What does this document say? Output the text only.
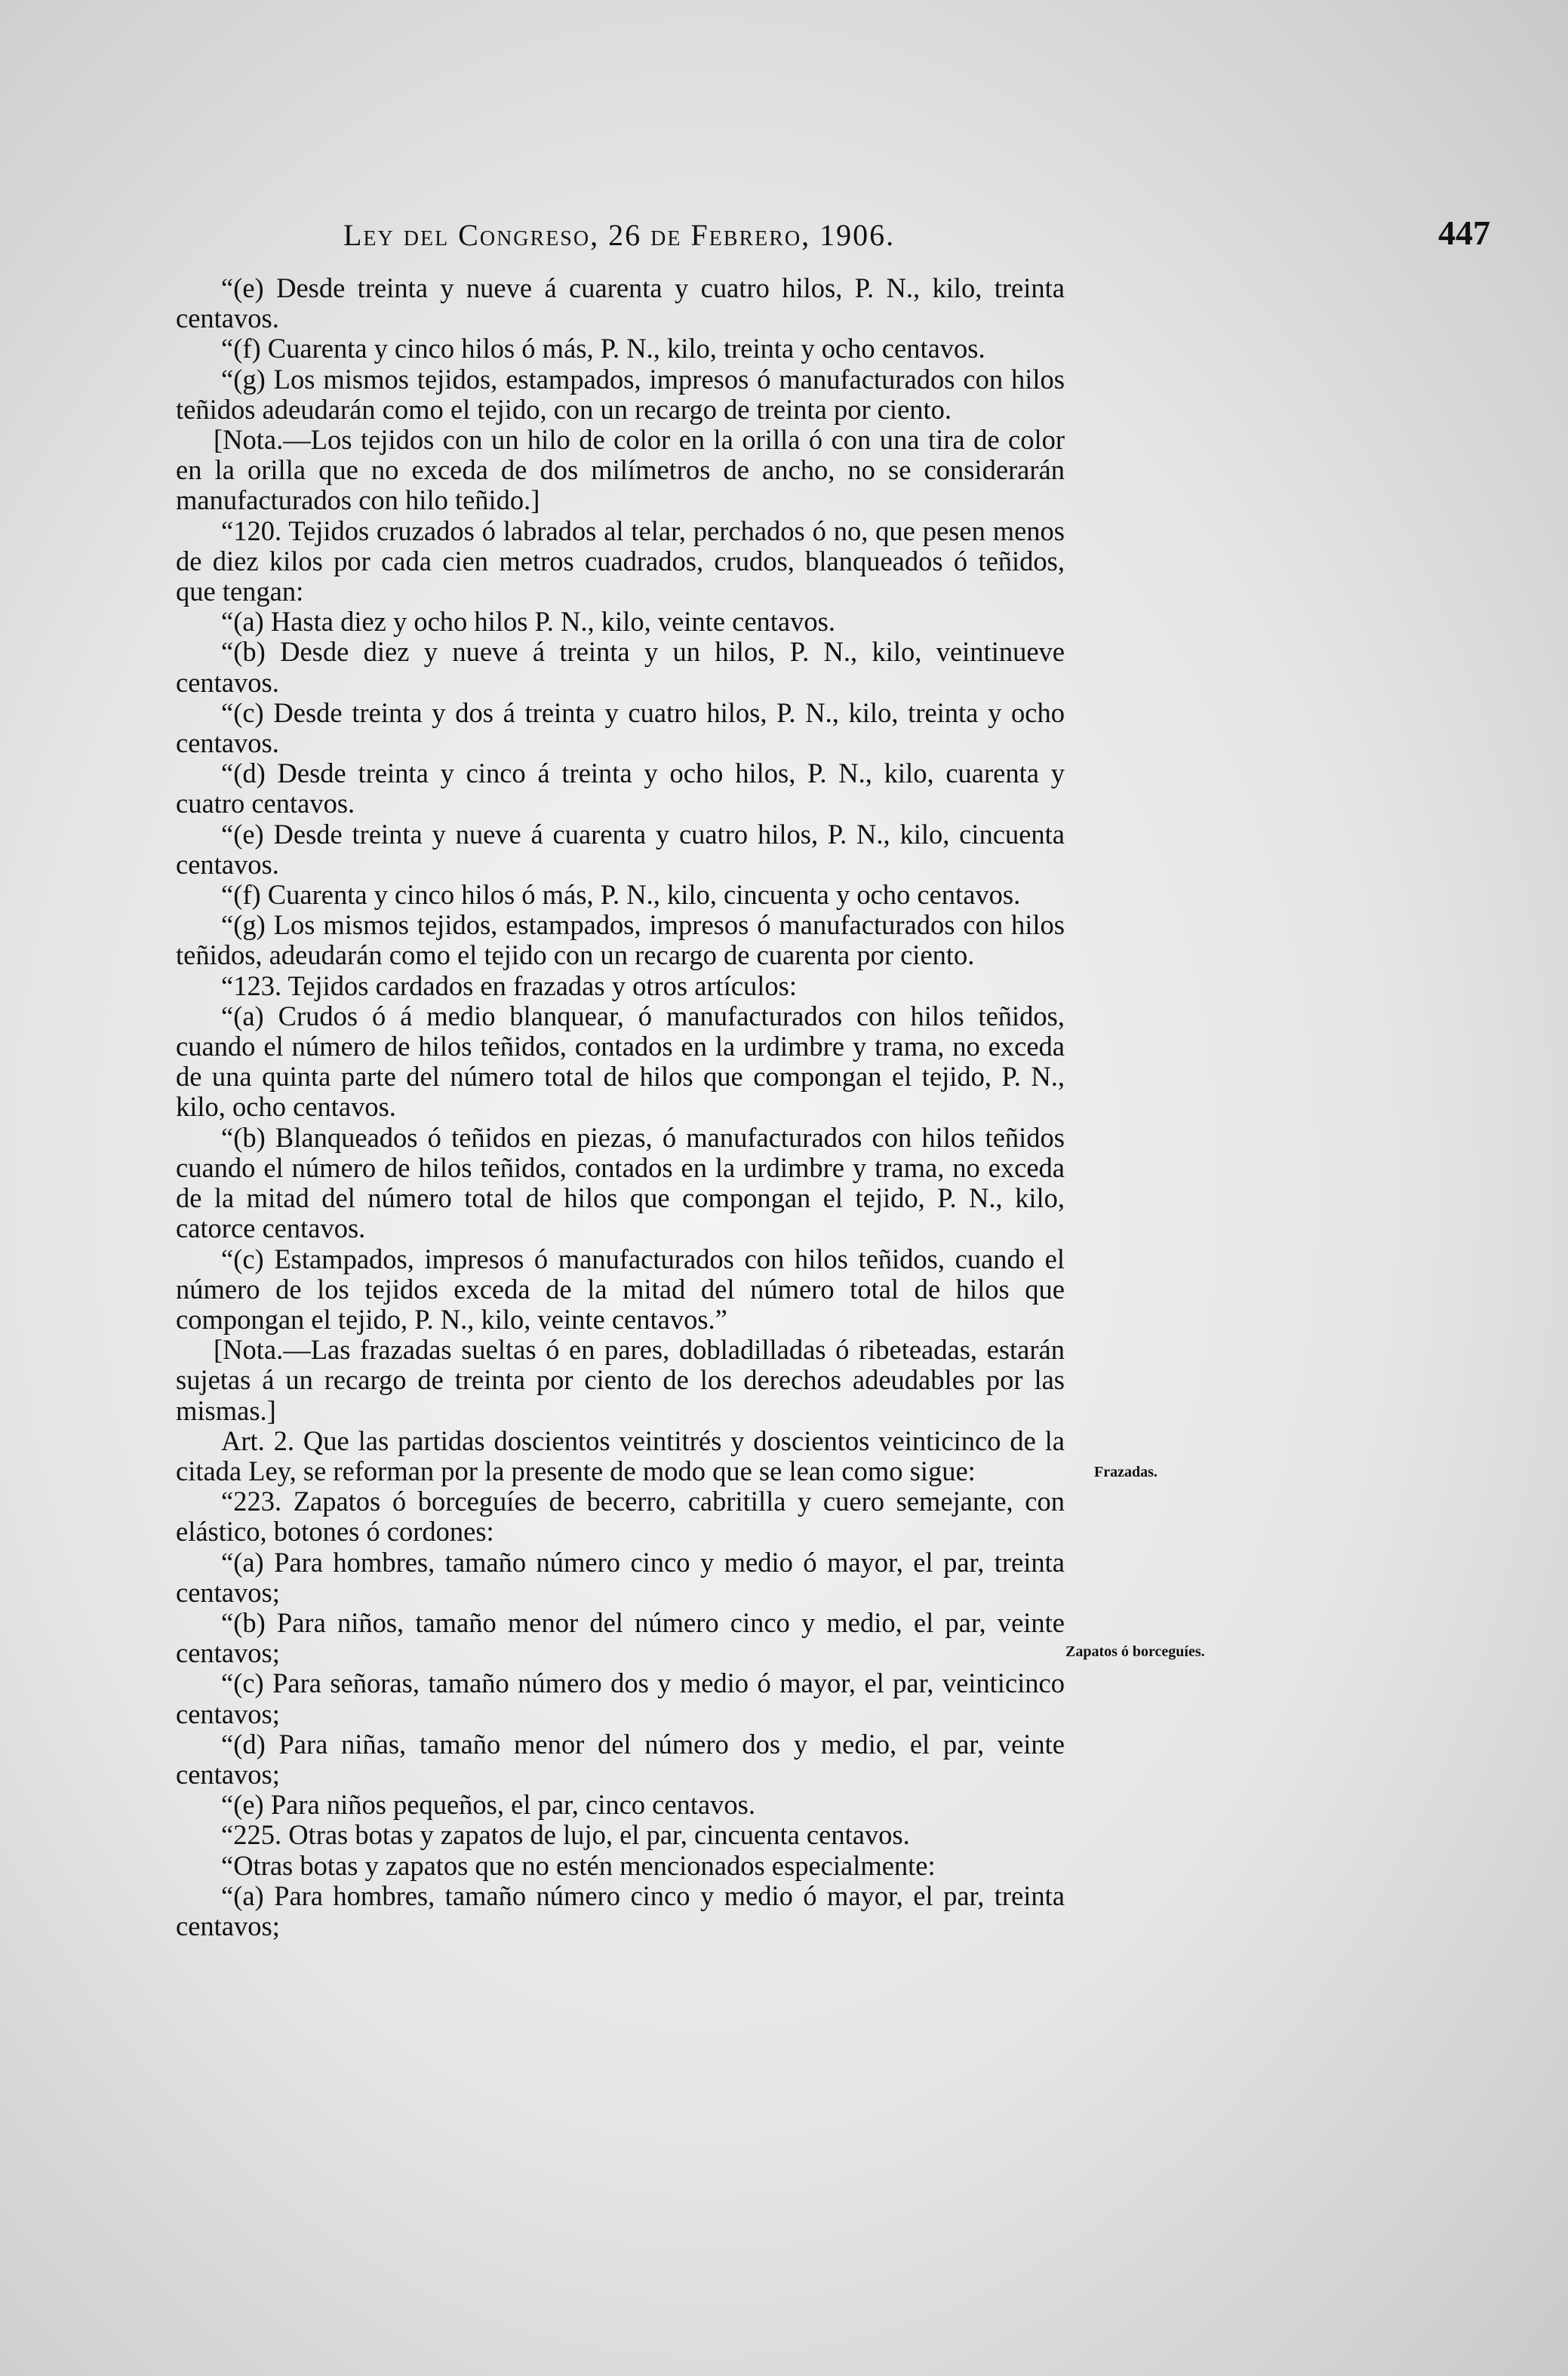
Ley del Congreso, 26 de Febrero, 1906.	447

“(e) Desde treinta y nueve á cuarenta y cuatro hilos, P. N., kilo, treinta centavos.

“(f) Cuarenta y cinco hilos ó más, P. N., kilo, treinta y ocho centavos.

“(g) Los mismos tejidos, estampados, impresos ó manufacturados con hilos teñidos adeudarán como el tejido, con un recargo de treinta por ciento.

[Nota.—Los tejidos con un hilo de color en la orilla ó con una tira de color en la orilla que no exceda de dos milímetros de ancho, no se considerarán manufacturados con hilo teñido.]

“120. Tejidos cruzados ó labrados al telar, perchados ó no, que pesen menos de diez kilos por cada cien metros cuadrados, crudos, blanqueados ó teñidos, que tengan:

“(a) Hasta diez y ocho hilos P. N., kilo, veinte centavos.

“(b) Desde diez y nueve á treinta y un hilos, P. N., kilo, veintinueve centavos.

“(c) Desde treinta y dos á treinta y cuatro hilos, P. N., kilo, treinta y ocho centavos.

“(d) Desde treinta y cinco á treinta y ocho hilos, P. N., kilo, cuarenta y cuatro centavos.

“(e) Desde treinta y nueve á cuarenta y cuatro hilos, P. N., kilo, cincuenta centavos.

“(f) Cuarenta y cinco hilos ó más, P. N., kilo, cincuenta y ocho centavos.

“(g) Los mismos tejidos, estampados, impresos ó manufacturados con hilos teñidos, adeudarán como el tejido con un recargo de cuarenta por ciento.

“123. Tejidos cardados en frazadas y otros artículos:

“(a) Crudos ó á medio blanquear, ó manufacturados con hilos teñidos, cuando el número de hilos teñidos, contados en la urdimbre y trama, no exceda de una quinta parte del número total de hilos que compongan el tejido, P. N., kilo, ocho centavos.

“(b) Blanqueados ó teñidos en piezas, ó manufacturados con hilos teñidos cuando el número de hilos teñidos, contados en la urdimbre y trama, no exceda de la mitad del número total de hilos que compongan el tejido, P. N., kilo, catorce centavos.

“(c) Estampados, impresos ó manufacturados con hilos teñidos, cuando el número de los tejidos exceda de la mitad del número total de hilos que compongan el tejido, P. N., kilo, veinte centavos.”

[Nota.—Las frazadas sueltas ó en pares, dobladilladas ó ribeteadas, estarán sujetas á un recargo de treinta por ciento de los derechos adeudables por las mismas.]

Art. 2. Que las partidas doscientos veintitrés y doscientos veinticinco de la citada Ley, se reforman por la presente de modo que se lean como sigue:

“223. Zapatos ó borceguíes de becerro, cabritilla y cuero semejante, con elástico, botones ó cordones:

“(a) Para hombres, tamaño número cinco y medio ó mayor, el par, treinta centavos;

“(b) Para niños, tamaño menor del número cinco y medio, el par, veinte centavos;

“(c) Para señoras, tamaño número dos y medio ó mayor, el par, veinticinco centavos;

“(d) Para niñas, tamaño menor del número dos y medio, el par, veinte centavos;

“(e) Para niños pequeños, el par, cinco centavos.

“225. Otras botas y zapatos de lujo, el par, cincuenta centavos.

“Otras botas y zapatos que no estén mencionados especialmente:

“(a) Para hombres, tamaño número cinco y medio ó mayor, el par, treinta centavos;

Frazadas.
Zapatos ó borceguíes.
